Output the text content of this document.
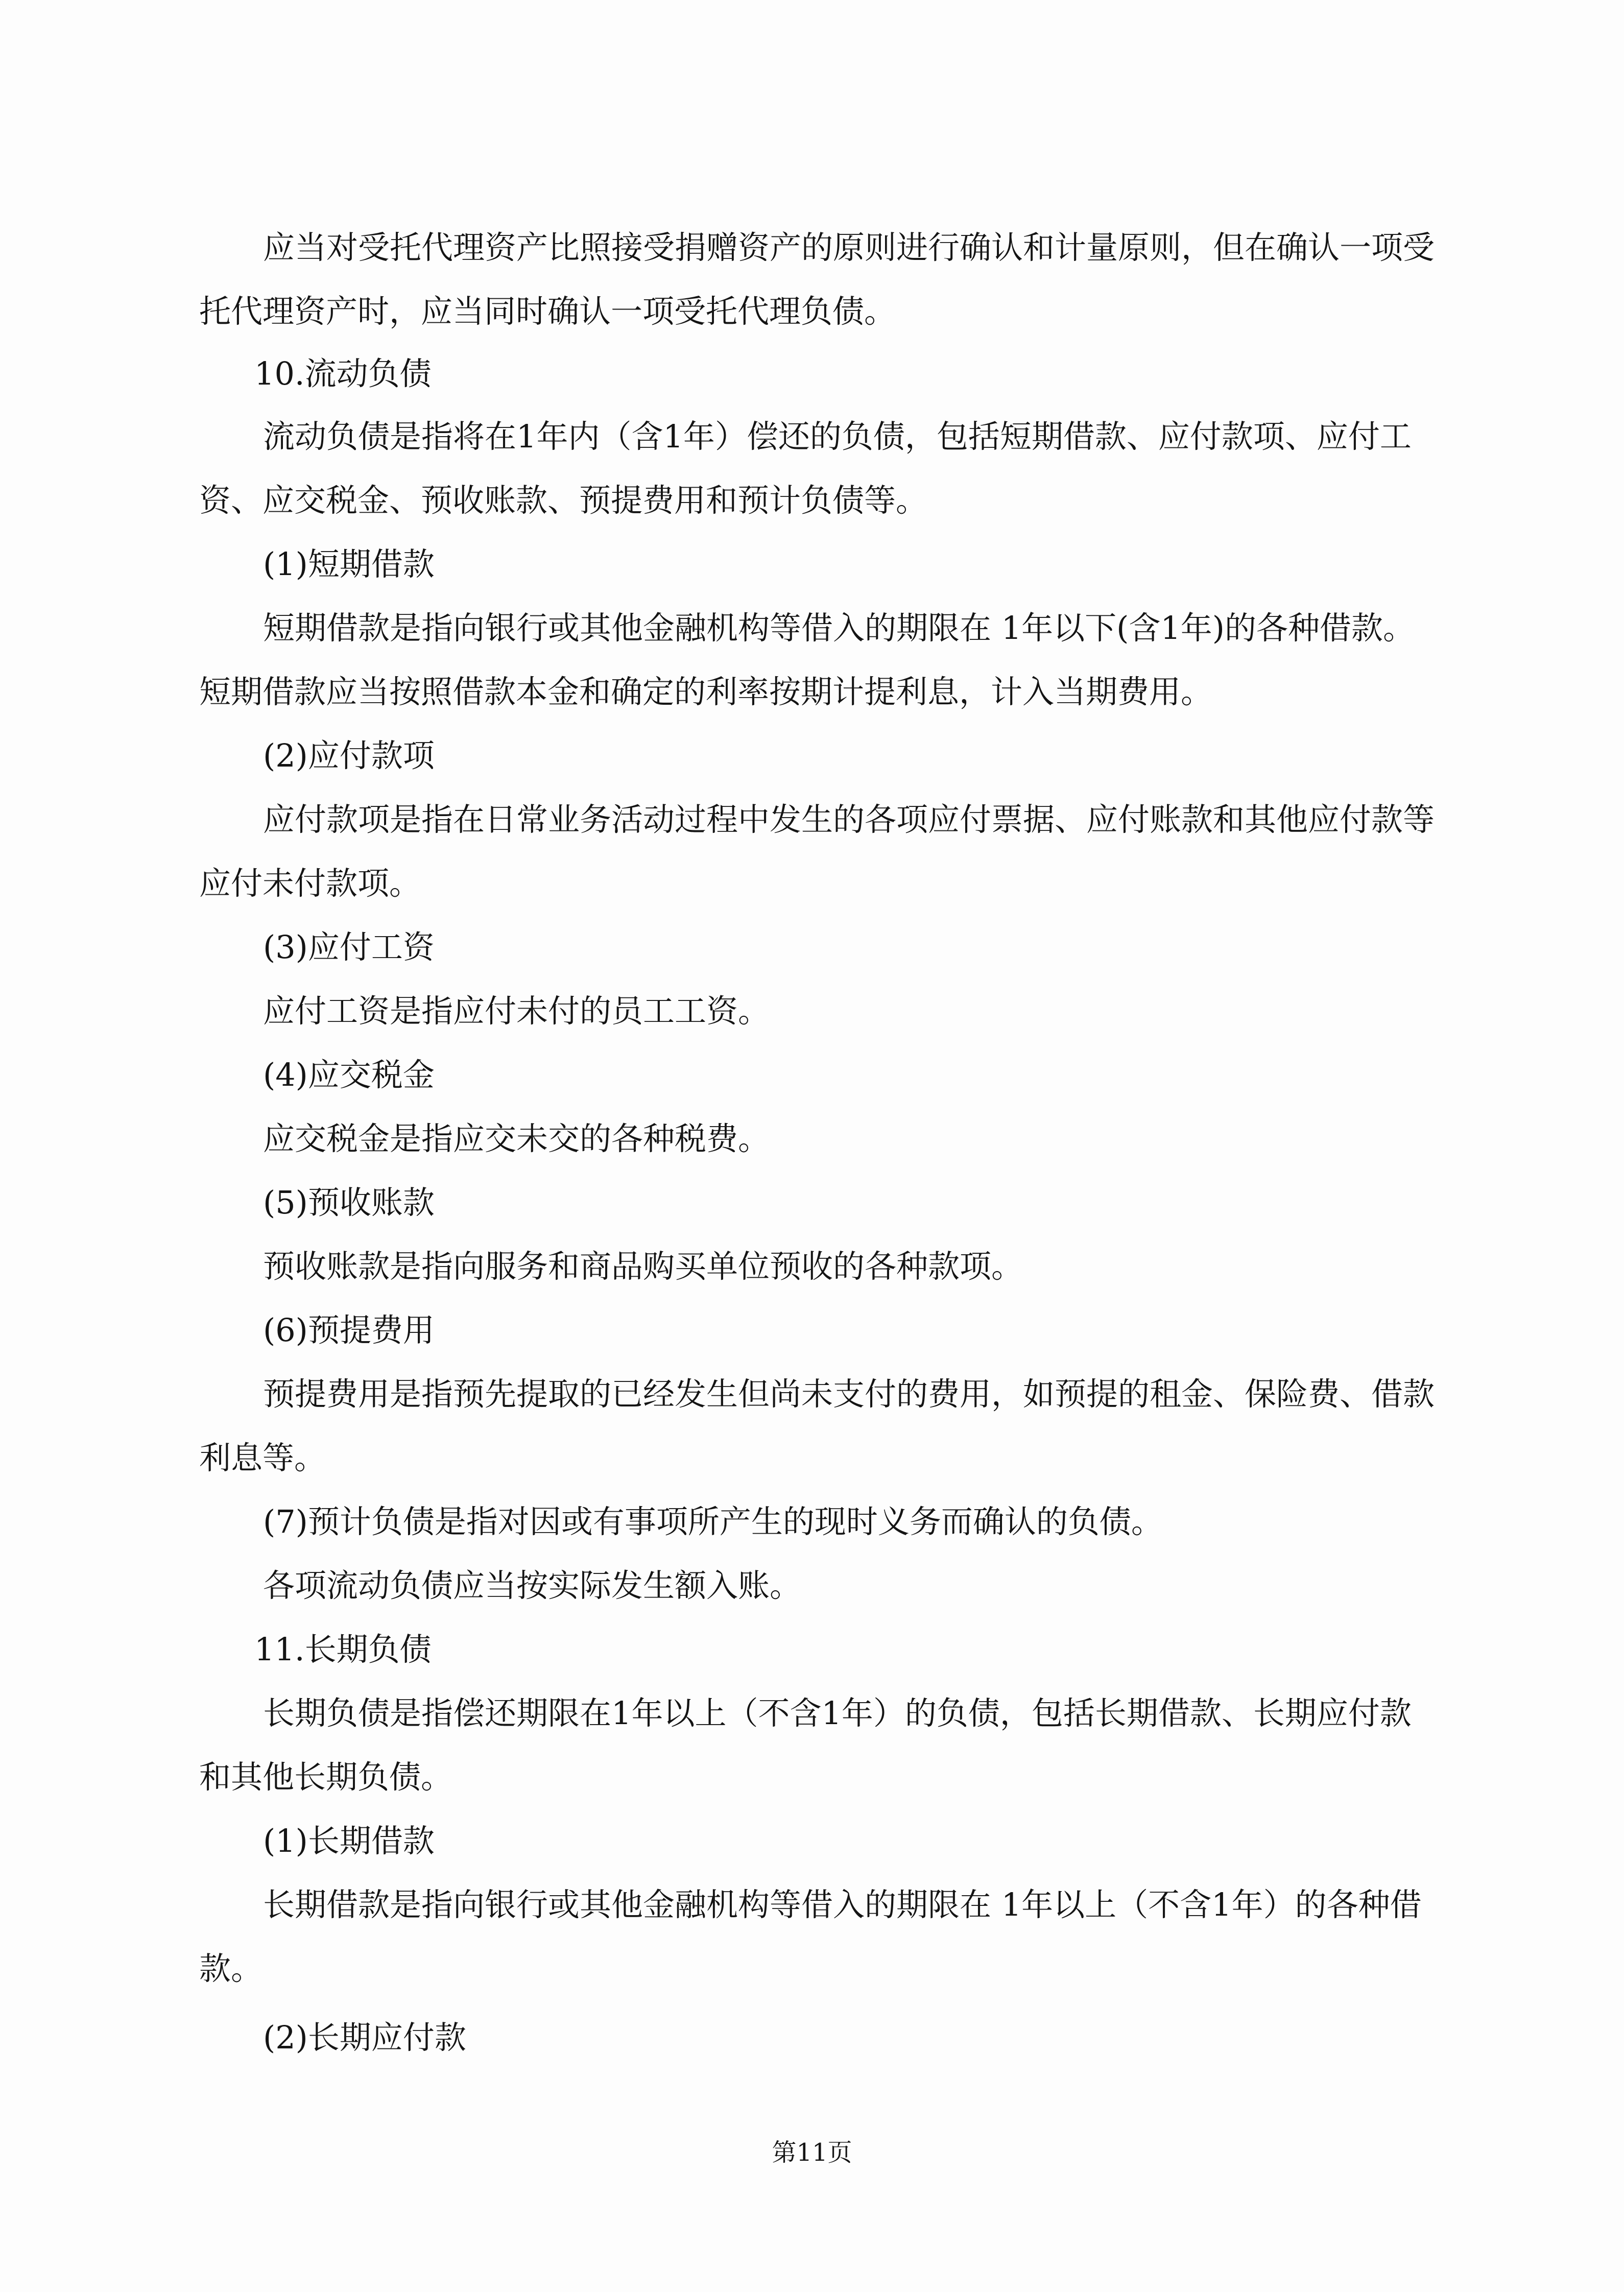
应当对受托代理资产比照接受捐赠资产的原则进行确认和计量原则，但在确认一项受
托代理资产时，应当同时确认一项受托代理负债。
10.流动负债
流动负债是指将在1年内（含1年）偿还的负债，包括短期借款、应付款项、应付工
资、应交税金、预收账款、预提费用和预计负债等。
(1)短期借款
短期借款是指向银行或其他金融机构等借入的期限在 1年以下(含1年)的各种借款。
短期借款应当按照借款本金和确定的利率按期计提利息，计入当期费用。
(2)应付款项
应付款项是指在日常业务活动过程中发生的各项应付票据、应付账款和其他应付款等
应付未付款项。
(3)应付工资
应付工资是指应付未付的员工工资。
(4)应交税金
应交税金是指应交未交的各种税费。
(5)预收账款
预收账款是指向服务和商品购买单位预收的各种款项。
(6)预提费用
预提费用是指预先提取的已经发生但尚未支付的费用，如预提的租金、保险费、借款
利息等。
(7)预计负债是指对因或有事项所产生的现时义务而确认的负债。
各项流动负债应当按实际发生额入账。
11.长期负债
长期负债是指偿还期限在1年以上（不含1年）的负债，包括长期借款、长期应付款
和其他长期负债。
(1)长期借款
长期借款是指向银行或其他金融机构等借入的期限在 1年以上（不含1年）的各种借
款。
(2)长期应付款
第11页
